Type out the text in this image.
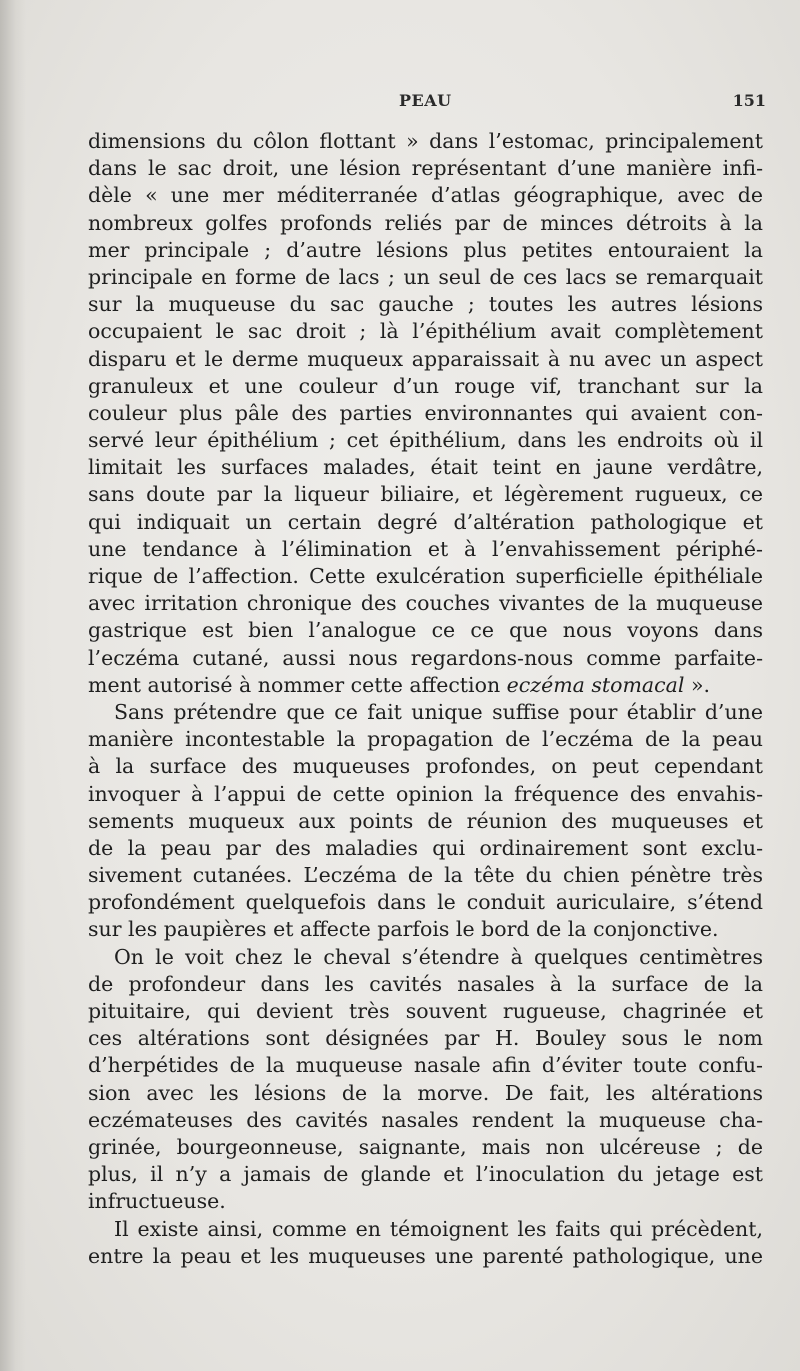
PEAU	151
dimensions du côlon flottant » dans l’estomac, principalement
dans le sac droit, une lésion représentant d’une manière infi-
dèle « une mer méditerranée d’atlas géographique, avec de
nombreux golfes profonds reliés par de minces détroits à la
mer principale ; d’autre lésions plus petites entouraient la
principale en forme de lacs ; un seul de ces lacs se remarquait
sur la muqueuse du sac gauche ; toutes les autres lésions
occupaient le sac droit ; là l’épithélium avait complètement
disparu et le derme muqueux apparaissait à nu avec un aspect
granuleux et une couleur d’un rouge vif, tranchant sur la
couleur plus pâle des parties environnantes qui avaient con-
servé leur épithélium ; cet épithélium, dans les endroits où il
limitait les surfaces malades, était teint en jaune verdâtre,
sans doute par la liqueur biliaire, et légèrement rugueux, ce
qui indiquait un certain degré d’altération pathologique et
une tendance à l’élimination et à l’envahissement périphé-
rique de l’affection. Cette exulcération superficielle épithéliale
avec irritation chronique des couches vivantes de la muqueuse
gastrique est bien l’analogue ce ce que nous voyons dans
l’eczéma cutané, aussi nous regardons-nous comme parfaite-
ment autorisé à nommer cette affection eczéma stomacal ».
Sans prétendre que ce fait unique suffise pour établir d’une
manière incontestable la propagation de l’eczéma de la peau
à la surface des muqueuses profondes, on peut cependant
invoquer à l’appui de cette opinion la fréquence des envahis-
sements muqueux aux points de réunion des muqueuses et
de la peau par des maladies qui ordinairement sont exclu-
sivement cutanées. L’eczéma de la tête du chien pénètre très
profondément quelquefois dans le conduit auriculaire, s’étend
sur les paupières et affecte parfois le bord de la conjonctive.
On le voit chez le cheval s’étendre à quelques centimètres
de profondeur dans les cavités nasales à la surface de la
pituitaire, qui devient très souvent rugueuse, chagrinée et
ces altérations sont désignées par H. Bouley sous le nom
d’herpétides de la muqueuse nasale afin d’éviter toute confu-
sion avec les lésions de la morve. De fait, les altérations
eczémateuses des cavités nasales rendent la muqueuse cha-
grinée, bourgeonneuse, saignante, mais non ulcéreuse ; de
plus, il n’y a jamais de glande et l’inoculation du jetage est
infructueuse.
Il existe ainsi, comme en témoignent les faits qui précèdent,
entre la peau et les muqueuses une parenté pathologique, une
